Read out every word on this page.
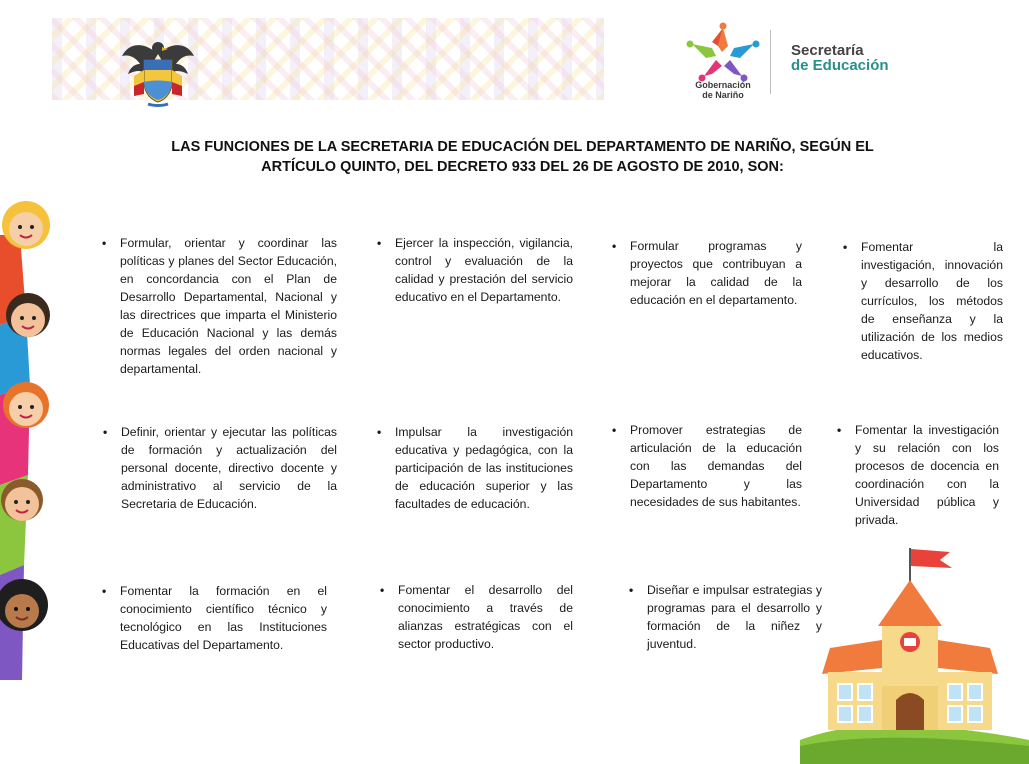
Gobernación
de Nariño
Secretaría
de Educación
LAS FUNCIONES DE LA SECRETARIA DE EDUCACIÓN DEL DEPARTAMENTO DE NARIÑO, SEGÚN EL
ARTÍCULO QUINTO, DEL DECRETO 933 DEL 26 DE AGOSTO DE 2010, SON:
•	Formular, orientar y coordinar las políticas y planes del Sector Educación, en concordancia con el Plan de Desarrollo Departamental, Nacional y las directrices que imparta el Ministerio de Educación Nacional y las demás normas legales del orden nacional y departamental.
•	Ejercer la inspección, vigilancia, control y evaluación de la calidad y prestación del servicio educativo en el Departamento.
•	Formular programas y proyectos que contribuyan a mejorar la calidad de la educación en el departamento.
•	Fomentar la investigación, innovación y desarrollo de los currículos, los métodos de enseñanza y la utilización de los medios educativos.
•	Definir, orientar y ejecutar las políticas de formación y actualización del personal docente, directivo docente y administrativo al servicio de la Secretaria de Educación.
•	Impulsar la investigación educativa y pedagógica, con la participación de las instituciones de educación superior y las facultades de educación.
•	Promover estrategias de articulación de la educación con las demandas del Departamento y las necesidades de sus habitantes.
•	Fomentar la investigación y su relación con los procesos de docencia en coordinación con la Universidad pública y privada.
•	Fomentar la formación en el conocimiento científico técnico y tecnológico en las Instituciones Educativas del Departamento.
•	Fomentar el desarrollo del conocimiento a través de alianzas estratégicas con el sector productivo.
•	Diseñar e impulsar estrategias y programas para el desarrollo y formación de la niñez y juventud.
